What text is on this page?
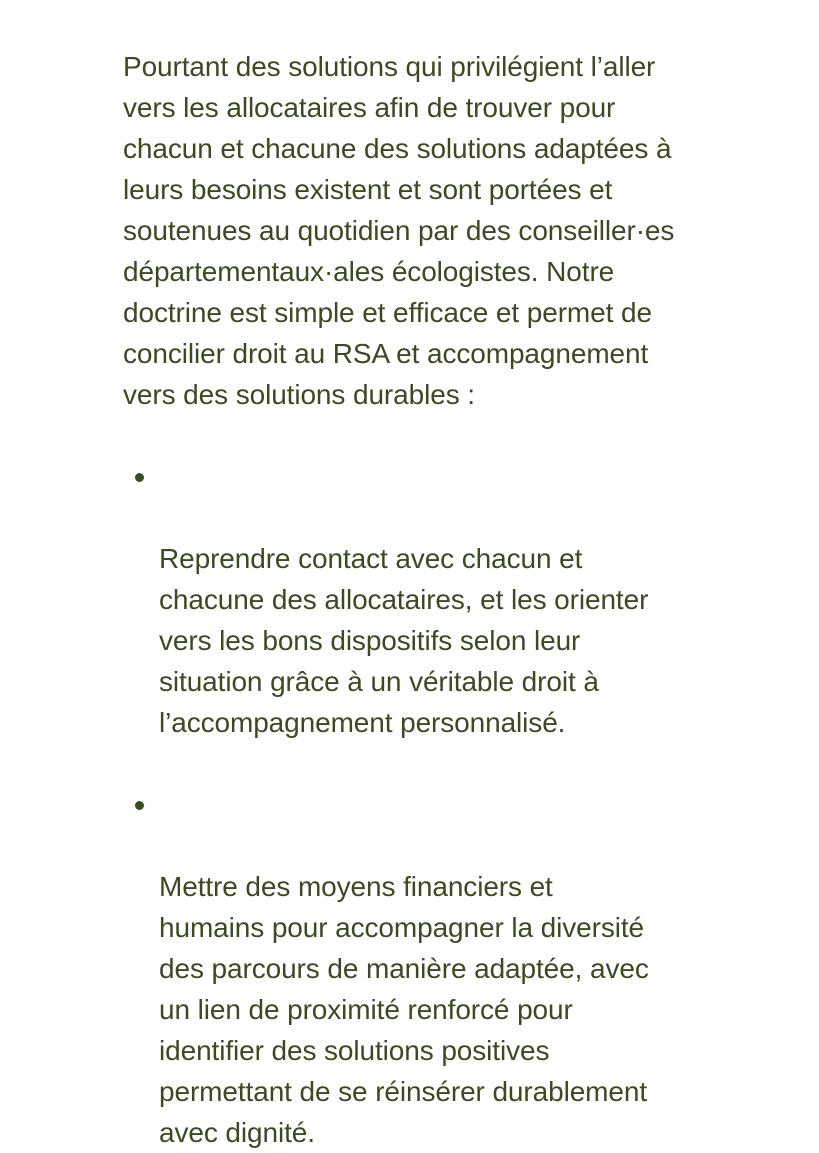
Pourtant des solutions qui privilégient l’aller
vers les allocataires afin de trouver pour
chacun et chacune des solutions adaptées à
leurs besoins existent et sont portées et
soutenues au quotidien par des conseiller·es
départementaux·ales écologistes. Notre
doctrine est simple et efficace et permet de
concilier droit au RSA et accompagnement
vers des solutions durables :

Reprendre contact avec chacun et
chacune des allocataires, et les orienter
vers les bons dispositifs selon leur
situation grâce à un véritable droit à
l’accompagnement personnalisé.

Mettre des moyens financiers et
humains pour accompagner la diversité
des parcours de manière adaptée, avec
un lien de proximité renforcé pour
identifier des solutions positives
permettant de se réinsérer durablement
avec dignité.
